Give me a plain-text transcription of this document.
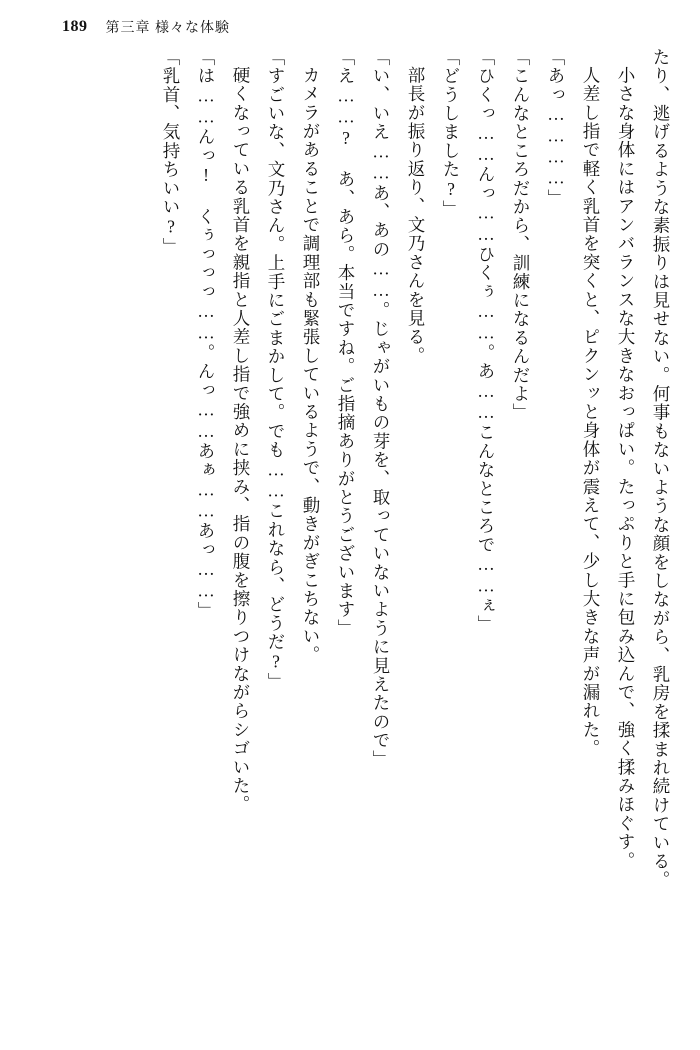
189 第三章 様々な体験

たり、逃げるような素振りは見せない。何事もないような顔をしながら、乳房を揉まれ続けている。

小さな身体にはアンバランスな大きなおっぱい。たっぷりと手に包み込んで、強く揉みほぐす。

人差し指で軽く乳首を突くと、ピクンッと身体が震えて、少し大きな声が漏れた。

「あっ…………」

「こんなところだから、訓練になるんだよ」

「ひくっ……んっ……ひくぅ……。あ……こんなところで……ぇ」

「どうしました?」

部長が振り返り、文乃さんを見る。

「い、いえ……あ、あの……。じゃがいもの芽を、取っていないように見えたので」

「え……? あ、あら。本当ですね。ご指摘ありがとうございます」

カメラがあることで調理部も緊張しているようで、動きがぎこちない。

「すごいな、文乃さん。上手にごまかして。でも……これなら、どうだ?」

硬くなっている乳首を親指と人差し指で強めに挟み、指の腹を擦りつけながらシゴいた。

「は……んっ! くぅっっっ……。んっ……あぁ……あっ……」

「乳首、気持ちいい?」
